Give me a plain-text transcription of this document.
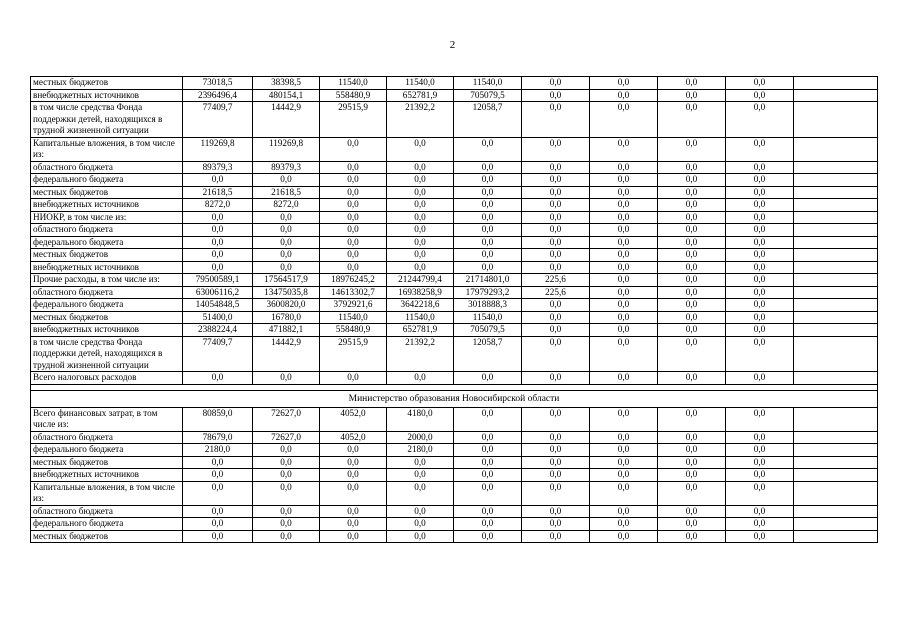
2
местных бюджетов	73018,5	38398,5	11540,0	11540,0	11540,0	0,0	0,0	0,0	0,0	
внебюджетных источников	2396496,4	480154,1	558480,9	652781,9	705079,5	0,0	0,0	0,0	0,0	
в том числе средства Фонда поддержки детей, находящихся в трудной жизненной ситуации	77409,7	14442,9	29515,9	21392,2	12058,7	0,0	0,0	0,0	0,0	
Капитальные вложения, в том числе из:	119269,8	119269,8	0,0	0,0	0,0	0,0	0,0	0,0	0,0	
областного бюджета	89379,3	89379,3	0,0	0,0	0,0	0,0	0,0	0,0	0,0	
федерального бюджета	0,0	0,0	0,0	0,0	0,0	0,0	0,0	0,0	0,0	
местных бюджетов	21618,5	21618,5	0,0	0,0	0,0	0,0	0,0	0,0	0,0	
внебюджетных источников	8272,0	8272,0	0,0	0,0	0,0	0,0	0,0	0,0	0,0	
НИОКР, в том числе из:	0,0	0,0	0,0	0,0	0,0	0,0	0,0	0,0	0,0	
областного бюджета	0,0	0,0	0,0	0,0	0,0	0,0	0,0	0,0	0,0	
федерального бюджета	0,0	0,0	0,0	0,0	0,0	0,0	0,0	0,0	0,0	
местных бюджетов	0,0	0,0	0,0	0,0	0,0	0,0	0,0	0,0	0,0	
внебюджетных источников	0,0	0,0	0,0	0,0	0,0	0,0	0,0	0,0	0,0	
Прочие расходы, в том числе из:	79500589,1	17564517,9	18976245,2	21244799,4	21714801,0	225,6	0,0	0,0	0,0	
областного бюджета	63006116,2	13475035,8	14613302,7	16938258,9	17979293,2	225,6	0,0	0,0	0,0	
федерального бюджета	14054848,5	3600820,0	3792921,6	3642218,6	3018888,3	0,0	0,0	0,0	0,0	
местных бюджетов	51400,0	16780,0	11540,0	11540,0	11540,0	0,0	0,0	0,0	0,0	
внебюджетных источников	2388224,4	471882,1	558480,9	652781,9	705079,5	0,0	0,0	0,0	0,0	
в том числе средства Фонда поддержки детей, находящихся в трудной жизненной ситуации	77409,7	14442,9	29515,9	21392,2	12058,7	0,0	0,0	0,0	0,0	
Всего налоговых расходов	0,0	0,0	0,0	0,0	0,0	0,0	0,0	0,0	0,0	

Министерство образования Новосибирской области										
Всего финансовых затрат, в том числе из:	80859,0	72627,0	4052,0	4180,0	0,0	0,0	0,0	0,0	0,0	
областного бюджета	78679,0	72627,0	4052,0	2000,0	0,0	0,0	0,0	0,0	0,0	
федерального бюджета	2180,0	0,0	0,0	2180,0	0,0	0,0	0,0	0,0	0,0	
местных бюджетов	0,0	0,0	0,0	0,0	0,0	0,0	0,0	0,0	0,0	
внебюджетных источников	0,0	0,0	0,0	0,0	0,0	0,0	0,0	0,0	0,0	
Капитальные вложения, в том числе из:	0,0	0,0	0,0	0,0	0,0	0,0	0,0	0,0	0,0	
областного бюджета	0,0	0,0	0,0	0,0	0,0	0,0	0,0	0,0	0,0	
федерального бюджета	0,0	0,0	0,0	0,0	0,0	0,0	0,0	0,0	0,0	
местных бюджетов	0,0	0,0	0,0	0,0	0,0	0,0	0,0	0,0	0,0	
